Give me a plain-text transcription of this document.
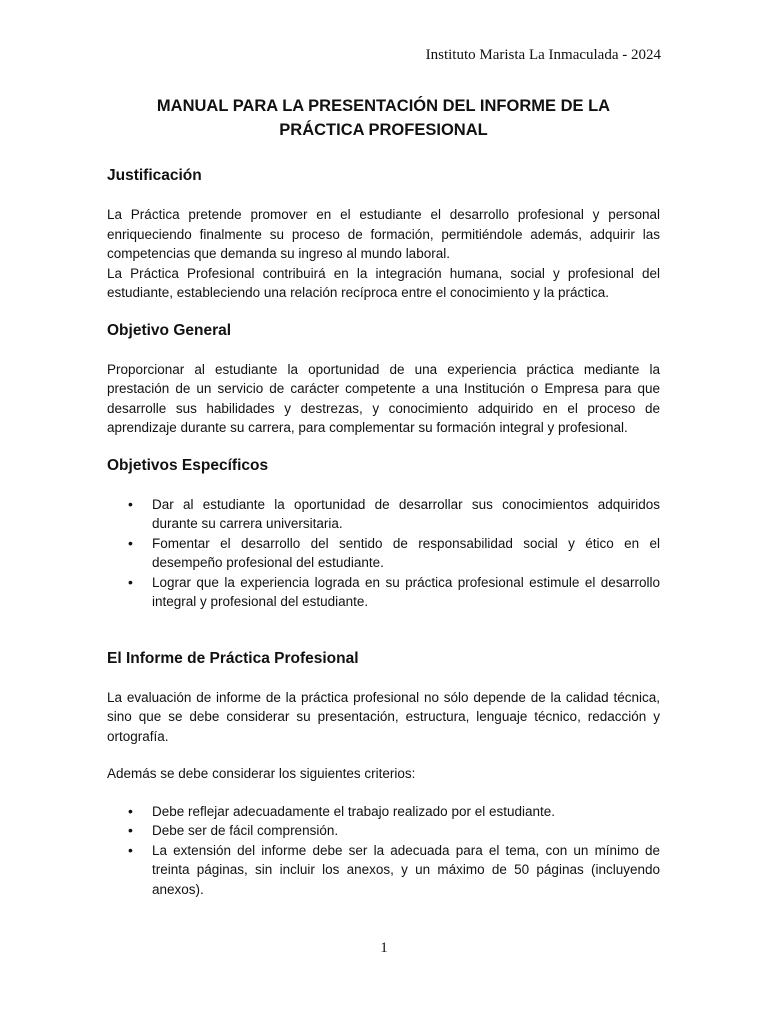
Instituto Marista La Inmaculada - 2024
MANUAL PARA LA PRESENTACIÓN DEL INFORME DE LA
PRÁCTICA PROFESIONAL
Justificación

La Práctica pretende promover en el estudiante el desarrollo profesional y personal enriqueciendo finalmente su proceso de formación, permitiéndole además, adquirir las competencias que demanda su ingreso al mundo laboral.

La Práctica Profesional contribuirá en la integración humana, social y profesional del estudiante, estableciendo una relación recíproca entre el conocimiento y la práctica.

Objetivo General

Proporcionar al estudiante la oportunidad de una experiencia práctica mediante la prestación de un servicio de carácter competente a una Institución o Empresa para que desarrolle sus habilidades y destrezas, y conocimiento adquirido en el proceso de aprendizaje durante su carrera, para complementar su formación integral y profesional.

Objetivos Específicos
• Dar al estudiante la oportunidad de desarrollar sus conocimientos adquiridos durante su carrera universitaria.
• Fomentar el desarrollo del sentido de responsabilidad social y ético en el desempeño profesional del estudiante.
• Lograr que la experiencia lograda en su práctica profesional estimule el desarrollo integral y profesional del estudiante.
El Informe de Práctica Profesional

La evaluación de informe de la práctica profesional no sólo depende de la calidad técnica, sino que se debe considerar su presentación, estructura, lenguaje técnico, redacción y ortografía.

Además se debe considerar los siguientes criterios:

• Debe reflejar adecuadamente el trabajo realizado por el estudiante.
• Debe ser de fácil comprensión.
• La extensión del informe debe ser la adecuada para el tema, con un mínimo de treinta páginas, sin incluir los anexos, y un máximo de 50 páginas (incluyendo anexos).
1
